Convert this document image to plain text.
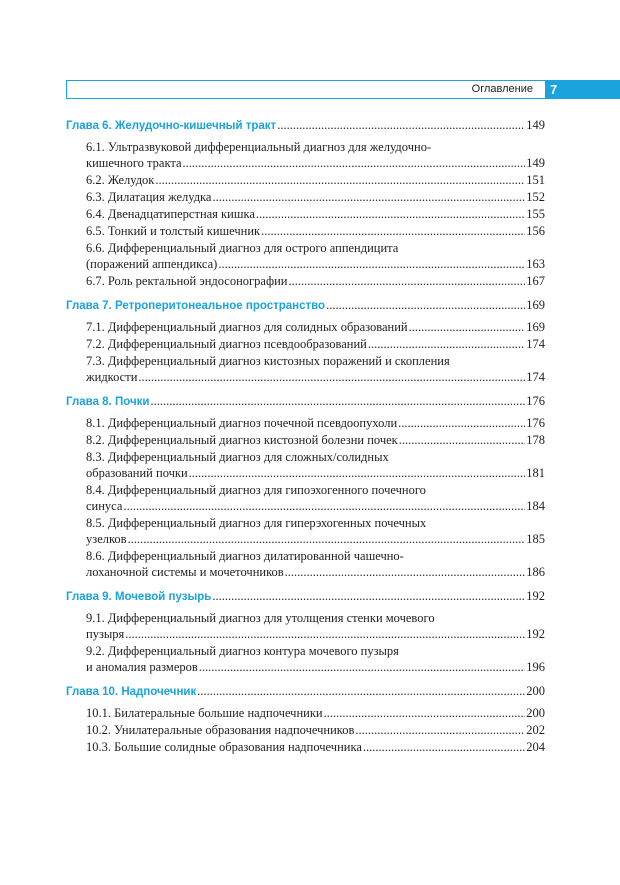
Оглавление	7
Глава 6. Желудочно-кишечный тракт .....	149
6.1. Ультразвуковой дифференциальный диагноз для желудочно-
кишечного тракта .....	149
6.2. Желудок .....	151
6.3. Дилатация желудка .....	152
6.4. Двенадцатиперстная кишка .....	155
6.5. Тонкий и толстый кишечник .....	156
6.6. Дифференциальный диагноз для острого аппендицита
(поражений аппендикса) .....	163
6.7. Роль ректальной эндосонографии .....	167
Глава 7. Ретроперитонеальное пространство .....	169
7.1. Дифференциальный диагноз для солидных образований .....	169
7.2. Дифференциальный диагноз псевдообразований .....	174
7.3. Дифференциальный диагноз кистозных поражений и скопления
жидкости .....	174
Глава 8. Почки .....	176
8.1. Дифференциальный диагноз почечной псевдоопухоли .....	176
8.2. Дифференциальный диагноз кистозной болезни почек .....	178
8.3. Дифференциальный диагноз для сложных/солидных
образований почки .....	181
8.4. Дифференциальный диагноз для гипоэхогенного почечного
синуса .....	184
8.5. Дифференциальный диагноз для гиперэхогенных почечных
узелков .....	185
8.6. Дифференциальный диагноз дилатированной чашечно-
лоханочной системы и мочеточников .....	186
Глава 9. Мочевой пузырь .....	192
9.1. Дифференциальный диагноз для утолщения стенки мочевого
пузыря .....	192
9.2. Дифференциальный диагноз контура мочевого пузыря
и аномалия размеров .....	196
Глава 10. Надпочечник .....	200
10.1. Билатеральные большие надпочечники .....	200
10.2. Унилатеральные образования надпочечников .....	202
10.3. Большие солидные образования надпочечника .....	204
